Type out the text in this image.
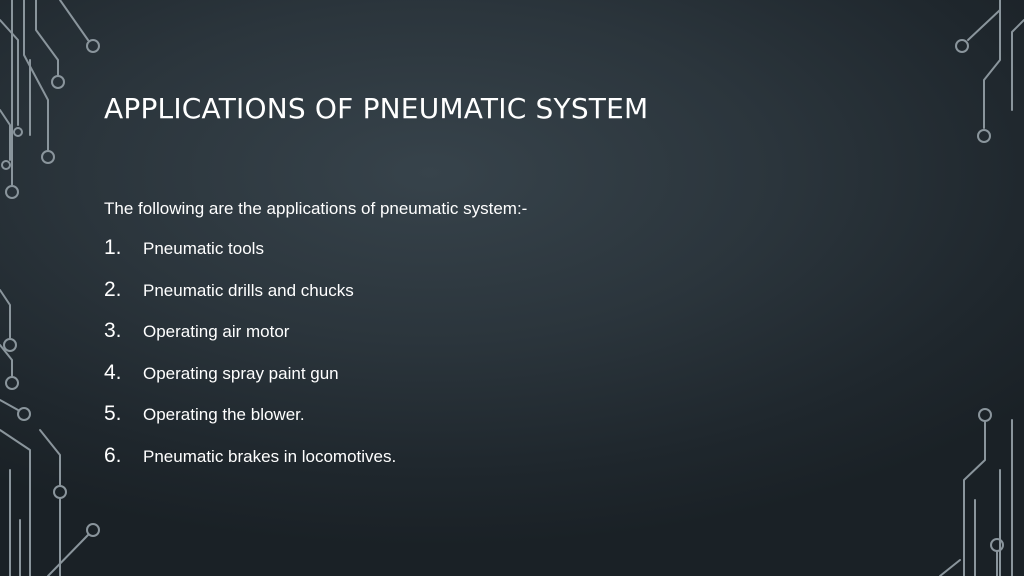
APPLICATIONS OF PNEUMATIC SYSTEM
The following are the applications of pneumatic system:-
1.	Pneumatic tools
2.	Pneumatic drills and chucks
3.	Operating air motor
4.	Operating spray paint gun
5.	Operating the blower.
6.	Pneumatic brakes in locomotives.
